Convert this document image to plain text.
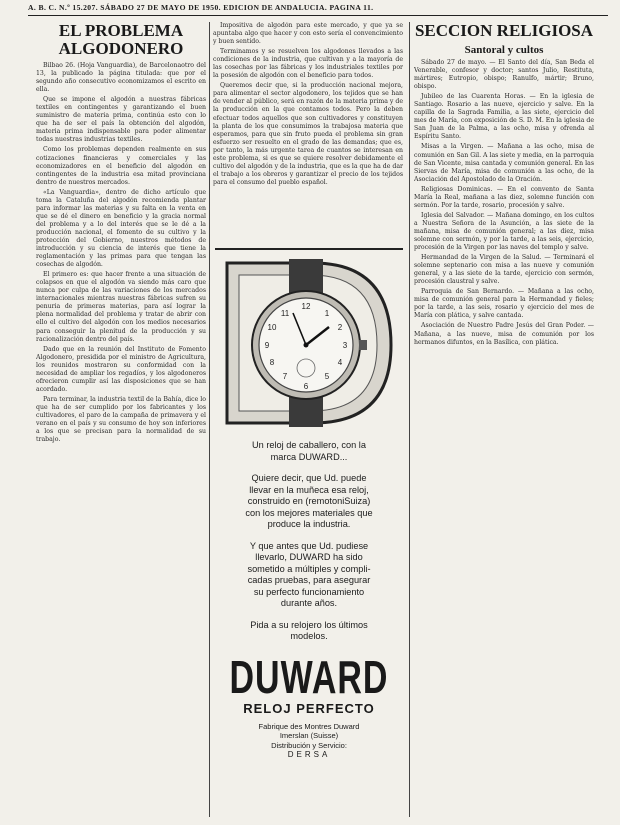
A. B. C. N.º 15.207. SÁBADO 27 DE MAYO DE 1950. EDICION DE ANDALUCIA. PAGINA 11.
EL PROBLEMA ALGODONERO

Bilbao 26. (Hoja Vanguardia), de Barcelonaotro del 13, la publicado la página titulada: que por el segundo año consecutivo economizamos el escrito en ella.

Que se impone el algodón a nuestras fábricas textiles en contingentes y garantizando el buen suministro de materia prima, continúa esto con lo que ha de ser el país la obtención del algodón, materia prima indispensable para poder alimentar todas nuestras industrias textiles.

Como los problemas dependen realmente en sus cotizaciones financieras y comerciales y las economizadores en el beneficio del algodón en contingentes de la industria esa mitad provinciana dentro de nuestros mercados.

«La Vanguardia», dentro de dicho artículo que toma la Cataluña del algodón recomienda plantar para informar las materias y su falta en la venta en que se dé el dinero en beneficio y la gracia normal del problema y a lo del interés que se le dé a la producción nacional, el fomento de su cultivo y la protección del Gobierno, nuestros métodos de introducción y su ciencia de interés que tiene la reglamentación y las primas para que tengan las cosechas de algodón.

El primero es: que hacer frente a una situación de colapsos en que el algodón va siendo más caro que nunca por culpa de las variaciones de los mercados internacionales mientras nuestras fábricas sufren su penuria de primeras materias, para así lograr la plena normalidad del problema y tratar de abrir con ello el cultivo del algodón con los medios necesarios para conseguir la plenitud de la producción y su racionalización dentro del país.

Dado que en la reunión del Instituto de Fomento Algodonero, presidida por el ministro de Agricultura, los reunidos mostraron su conformidad con la necesidad de ampliar los regadíos, y los algodoneros ofrecieron cumplir así las disposiciones que se han acordado.

Para terminar, la industria textil de la Bahía, dice lo que ha de ser cumplido por los fabricantes y los cultivadores, el paro de la campaña de primavera y el verano en el país y su consumo de hoy son inferiores a los que se precisan para la normalidad de su trabajo.

Impositiva de algodón para este mercado, y que ya se apuntaba algo que hacer y con esto sería el convencimiento y buen sentido.

Terminamos y se resuelven los algodones llevados a las condiciones de la industria, que cultivan y a la mayoría de las cosechas por las fábricas y los industriales textiles por la posesión de algodón con el beneficio para todos.

Queremos decir que, si la producción nacional mejora, para alimentar el sector algodonero, los tejidos que se han de vender al público, será en razón de la materia prima y de la producción en la que contamos todos. Pero la deben efectuar todos aquellos que son cultivadores y constituyen la planta de los que consumimos la trabajosa materia que esperamos, para que sin fruto pueda el problema sin gran esfuerzo ser resuelto en el grado de las demandas; que es, por tanto, la más urgente tarea de cuantos se interesan en este problema, si es que se quiere resolver debidamente el cultivo del algodón y de la industria, que es la que ha de dar el trabajo a los obreros y garantizar el precio de los tejidos para el consumo del pueblo español.

12
6
9	3
1
2
4
5
7
8
10
11
Un reloj de caballero, con la
marca DUWARD...
Quiere decir, que Ud. puede
llevar en la muñeca esa reloj,
construido en (remotoniSuiza)
con los mejores materiales que
produce la industria.
Y que antes que Ud. pudiese
llevarlo, DUWARD ha sido
sometido a múltiples y compli-
cadas pruebas, para asegurar
su perfecto funcionamiento
durante años.
Pida a su relojero los últimos
modelos.
DUWARD
RELOJ PERFECTO
Fabrique des Montres Duward
Imerslan (Suisse)
Distribución y Servicio:
DERSA
SECCION RELIGIOSA
Santoral y cultos

Sábado 27 de mayo. — El Santo del día, San Beda el Venerable, confesor y doctor; santos Julio, Restituta, mártires; Eutropio, obispo; Ranulfo, mártir; Bruno, obispo.

Jubileo de las Cuarenta Horas. — En la iglesia de Santiago. Rosario a las nueve, ejercicio y salve. En la capilla de la Sagrada Familia, a las siete, ejercicio del mes de María, con exposición de S. D. M. En la iglesia de San Juan de la Palma, a las ocho, misa y ofrenda al Espíritu Santo.

Misas a la Virgen. — Mañana a las ocho, misa de comunión en San Gil. A las siete y media, en la parroquia de San Vicente, misa cantada y comunión general. En las Siervas de María, misa de comunión a las ocho, de la Asociación del Apostolado de la Oración.

Religiosas Dominicas. — En el convento de Santa María la Real, mañana a las diez, solemne función con sermón. Por la tarde, rosario, procesión y salve.

Iglesia del Salvador. — Mañana domingo, en los cultos a Nuestra Señora de la Asunción, a las siete de la mañana, misa de comunión general; a las diez, misa solemne con sermón, y por la tarde, a las seis, ejercicio, procesión de la Virgen por las naves del templo y salve.

Hermandad de la Virgen de la Salud. — Terminará el solemne septenario con misa a las nueve y comunión general, y a las siete de la tarde, ejercicio con sermón, procesión claustral y salve.

Parroquia de San Bernardo. — Mañana a las ocho, misa de comunión general para la Hermandad y fieles; por la tarde, a las seis, rosario y ejercicio del mes de María con plática, y salve cantada.

Asociación de Nuestro Padre Jesús del Gran Poder. — Mañana, a las nueve, misa de comunión por los hermanos difuntos, en la Basílica, con plática.
